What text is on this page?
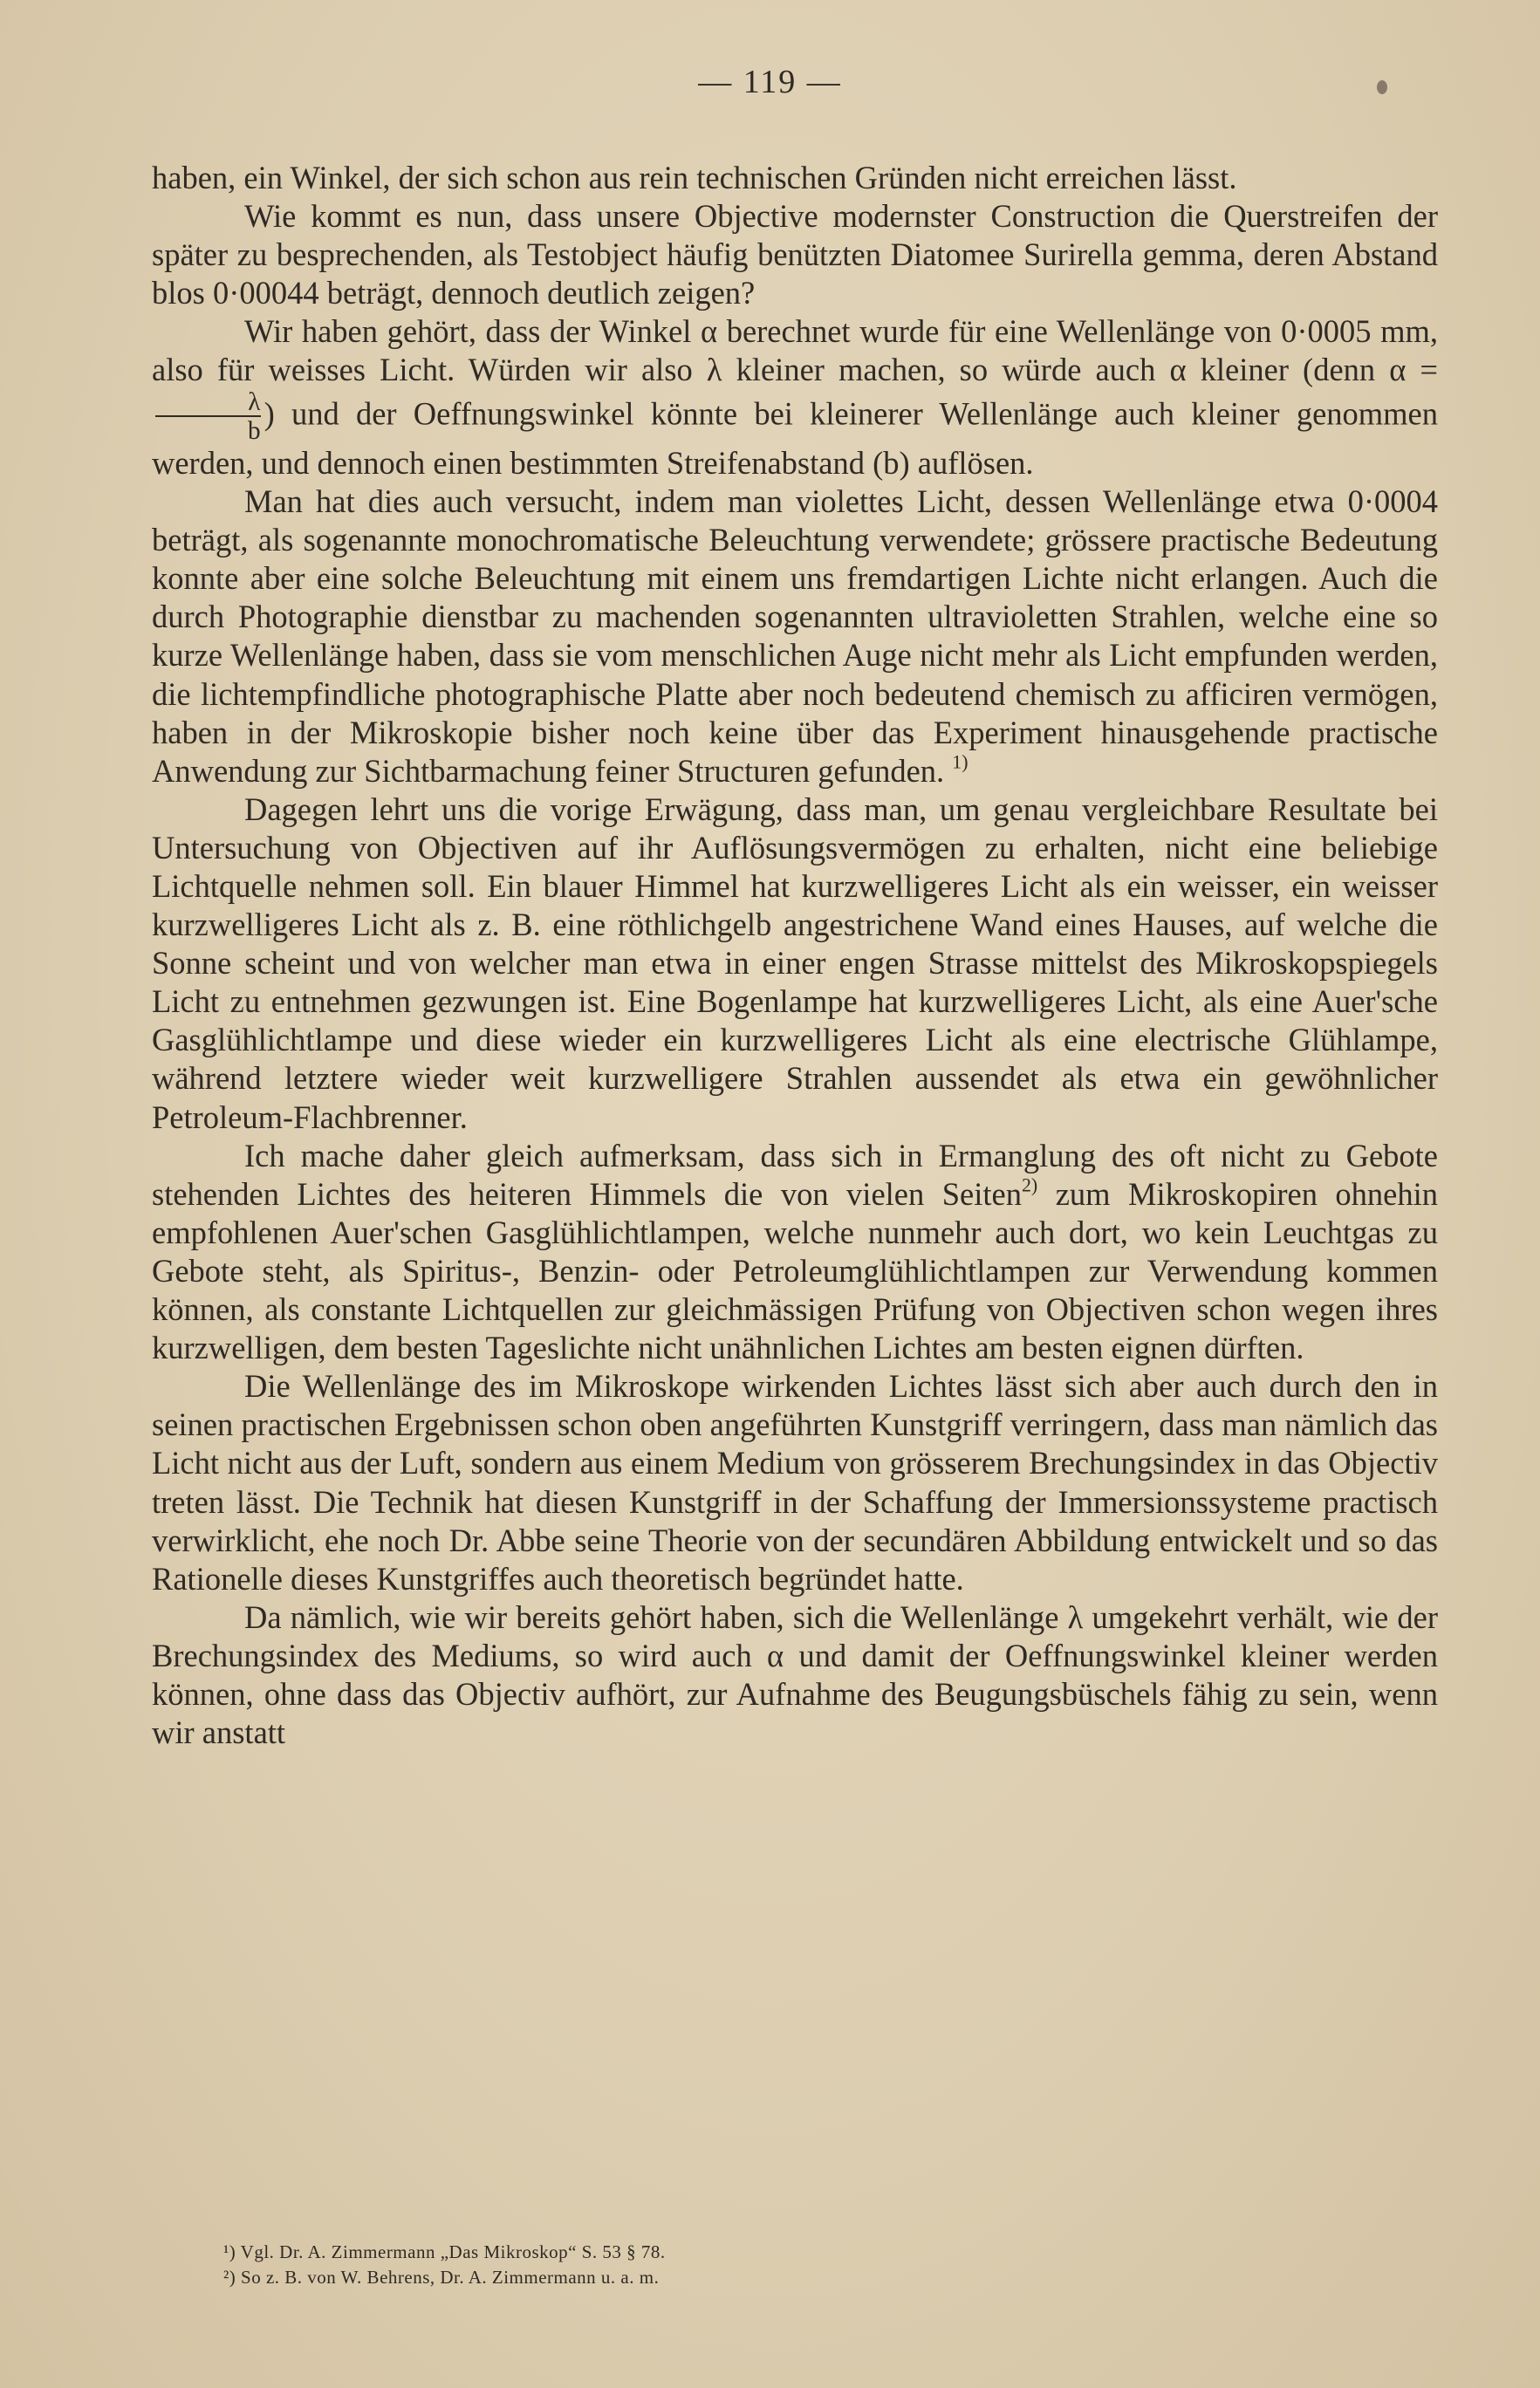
— 119 —

haben, ein Winkel, der sich schon aus rein technischen Gründen nicht erreichen lässt.

Wie kommt es nun, dass unsere Objective modernster Construction die Querstreifen der später zu besprechenden, als Testobject häufig benützten Diatomee Surirella gemma, deren Abstand blos 0·00044 beträgt, dennoch deutlich zeigen?

Wir haben gehört, dass der Winkel α berechnet wurde für eine Wellenlänge von 0·0005 mm, also für weisses Licht. Würden wir also λ kleiner machen, so würde auch α kleiner (denn α =
$\frac{\lambda}{b}$ ) und der Oeffnungswinkel könnte bei kleinerer Wellenlänge auch kleiner genommen werden, und dennoch einen bestimmten Streifenabstand (b) auflösen.

Man hat dies auch versucht, indem man violettes Licht, dessen Wellenlänge etwa 0·0004 beträgt, als sogenannte monochromatische Beleuchtung verwendete; grössere practische Bedeutung konnte aber eine solche Beleuchtung mit einem uns fremdartigen Lichte nicht erlangen. Auch die durch Photographie dienstbar zu machenden sogenannten ultravioletten Strahlen, welche eine so kurze Wellenlänge haben, dass sie vom menschlichen Auge nicht mehr als Licht empfunden werden, die lichtempfindliche photographische Platte aber noch bedeutend chemisch zu afficiren vermögen, haben in der Mikroskopie bisher noch keine über das Experiment hinausgehende practische Anwendung zur Sichtbarmachung feiner Structuren gefunden. $^{1)}$

Dagegen lehrt uns die vorige Erwägung, dass man, um genau vergleichbare Resultate bei Untersuchung von Objectiven auf ihr Auflösungsvermögen zu erhalten, nicht eine beliebige Lichtquelle nehmen soll. Ein blauer Himmel hat kurzwelligeres Licht als ein weisser, ein weisser kurzwelligeres Licht als z. B. eine röthlichgelb angestrichene Wand eines Hauses, auf welche die Sonne scheint und von welcher man etwa in einer engen Strasse mittelst des Mikroskopspiegels Licht zu entnehmen gezwungen ist. Eine Bogenlampe hat kurzwelligeres Licht, als eine Auer'sche Gasglühlichtlampe und diese wieder ein kurzwelligeres Licht als eine electrische Glühlampe, während letztere wieder weit kurzwelligere Strahlen aussendet als etwa ein gewöhnlicher Petroleum-Flachbrenner.

Ich mache daher gleich aufmerksam, dass sich in Ermanglung des oft nicht zu Gebote stehenden Lichtes des heiteren Himmels die von vielen Seiten$^{2)}$ zum Mikroskopiren ohnehin empfohlenen Auer'schen Gasglühlichtlampen, welche nunmehr auch dort, wo kein Leuchtgas zu Gebote steht, als Spiritus-, Benzin- oder Petroleumglühlichtlampen zur Verwendung kommen können, als constante Lichtquellen zur gleichmässigen Prüfung von Objectiven schon wegen ihres kurzwelligen, dem besten Tageslichte nicht unähnlichen Lichtes am besten eignen dürften.

Die Wellenlänge des im Mikroskope wirkenden Lichtes lässt sich aber auch durch den in seinen practischen Ergebnissen schon oben angeführten Kunstgriff verringern, dass man nämlich das Licht nicht aus der Luft, sondern aus einem Medium von grösserem Brechungsindex in das Objectiv treten lässt. Die Technik hat diesen Kunstgriff in der Schaffung der Immersionssysteme practisch verwirklicht, ehe noch Dr. Abbe seine Theorie von der secundären Abbildung entwickelt und so das Rationelle dieses Kunstgriffes auch theoretisch begründet hatte.

Da nämlich, wie wir bereits gehört haben, sich die Wellenlänge λ umgekehrt verhält, wie der Brechungsindex des Mediums, so wird auch α und damit der Oeffnungswinkel kleiner werden können, ohne dass das Objectiv aufhört, zur Aufnahme des Beugungsbüschels fähig zu sein, wenn wir anstatt

¹) Vgl. Dr. A. Zimmermann „Das Mikroskop“ S. 53 § 78.

²) So z. B. von W. Behrens, Dr. A. Zimmermann u. a. m.
